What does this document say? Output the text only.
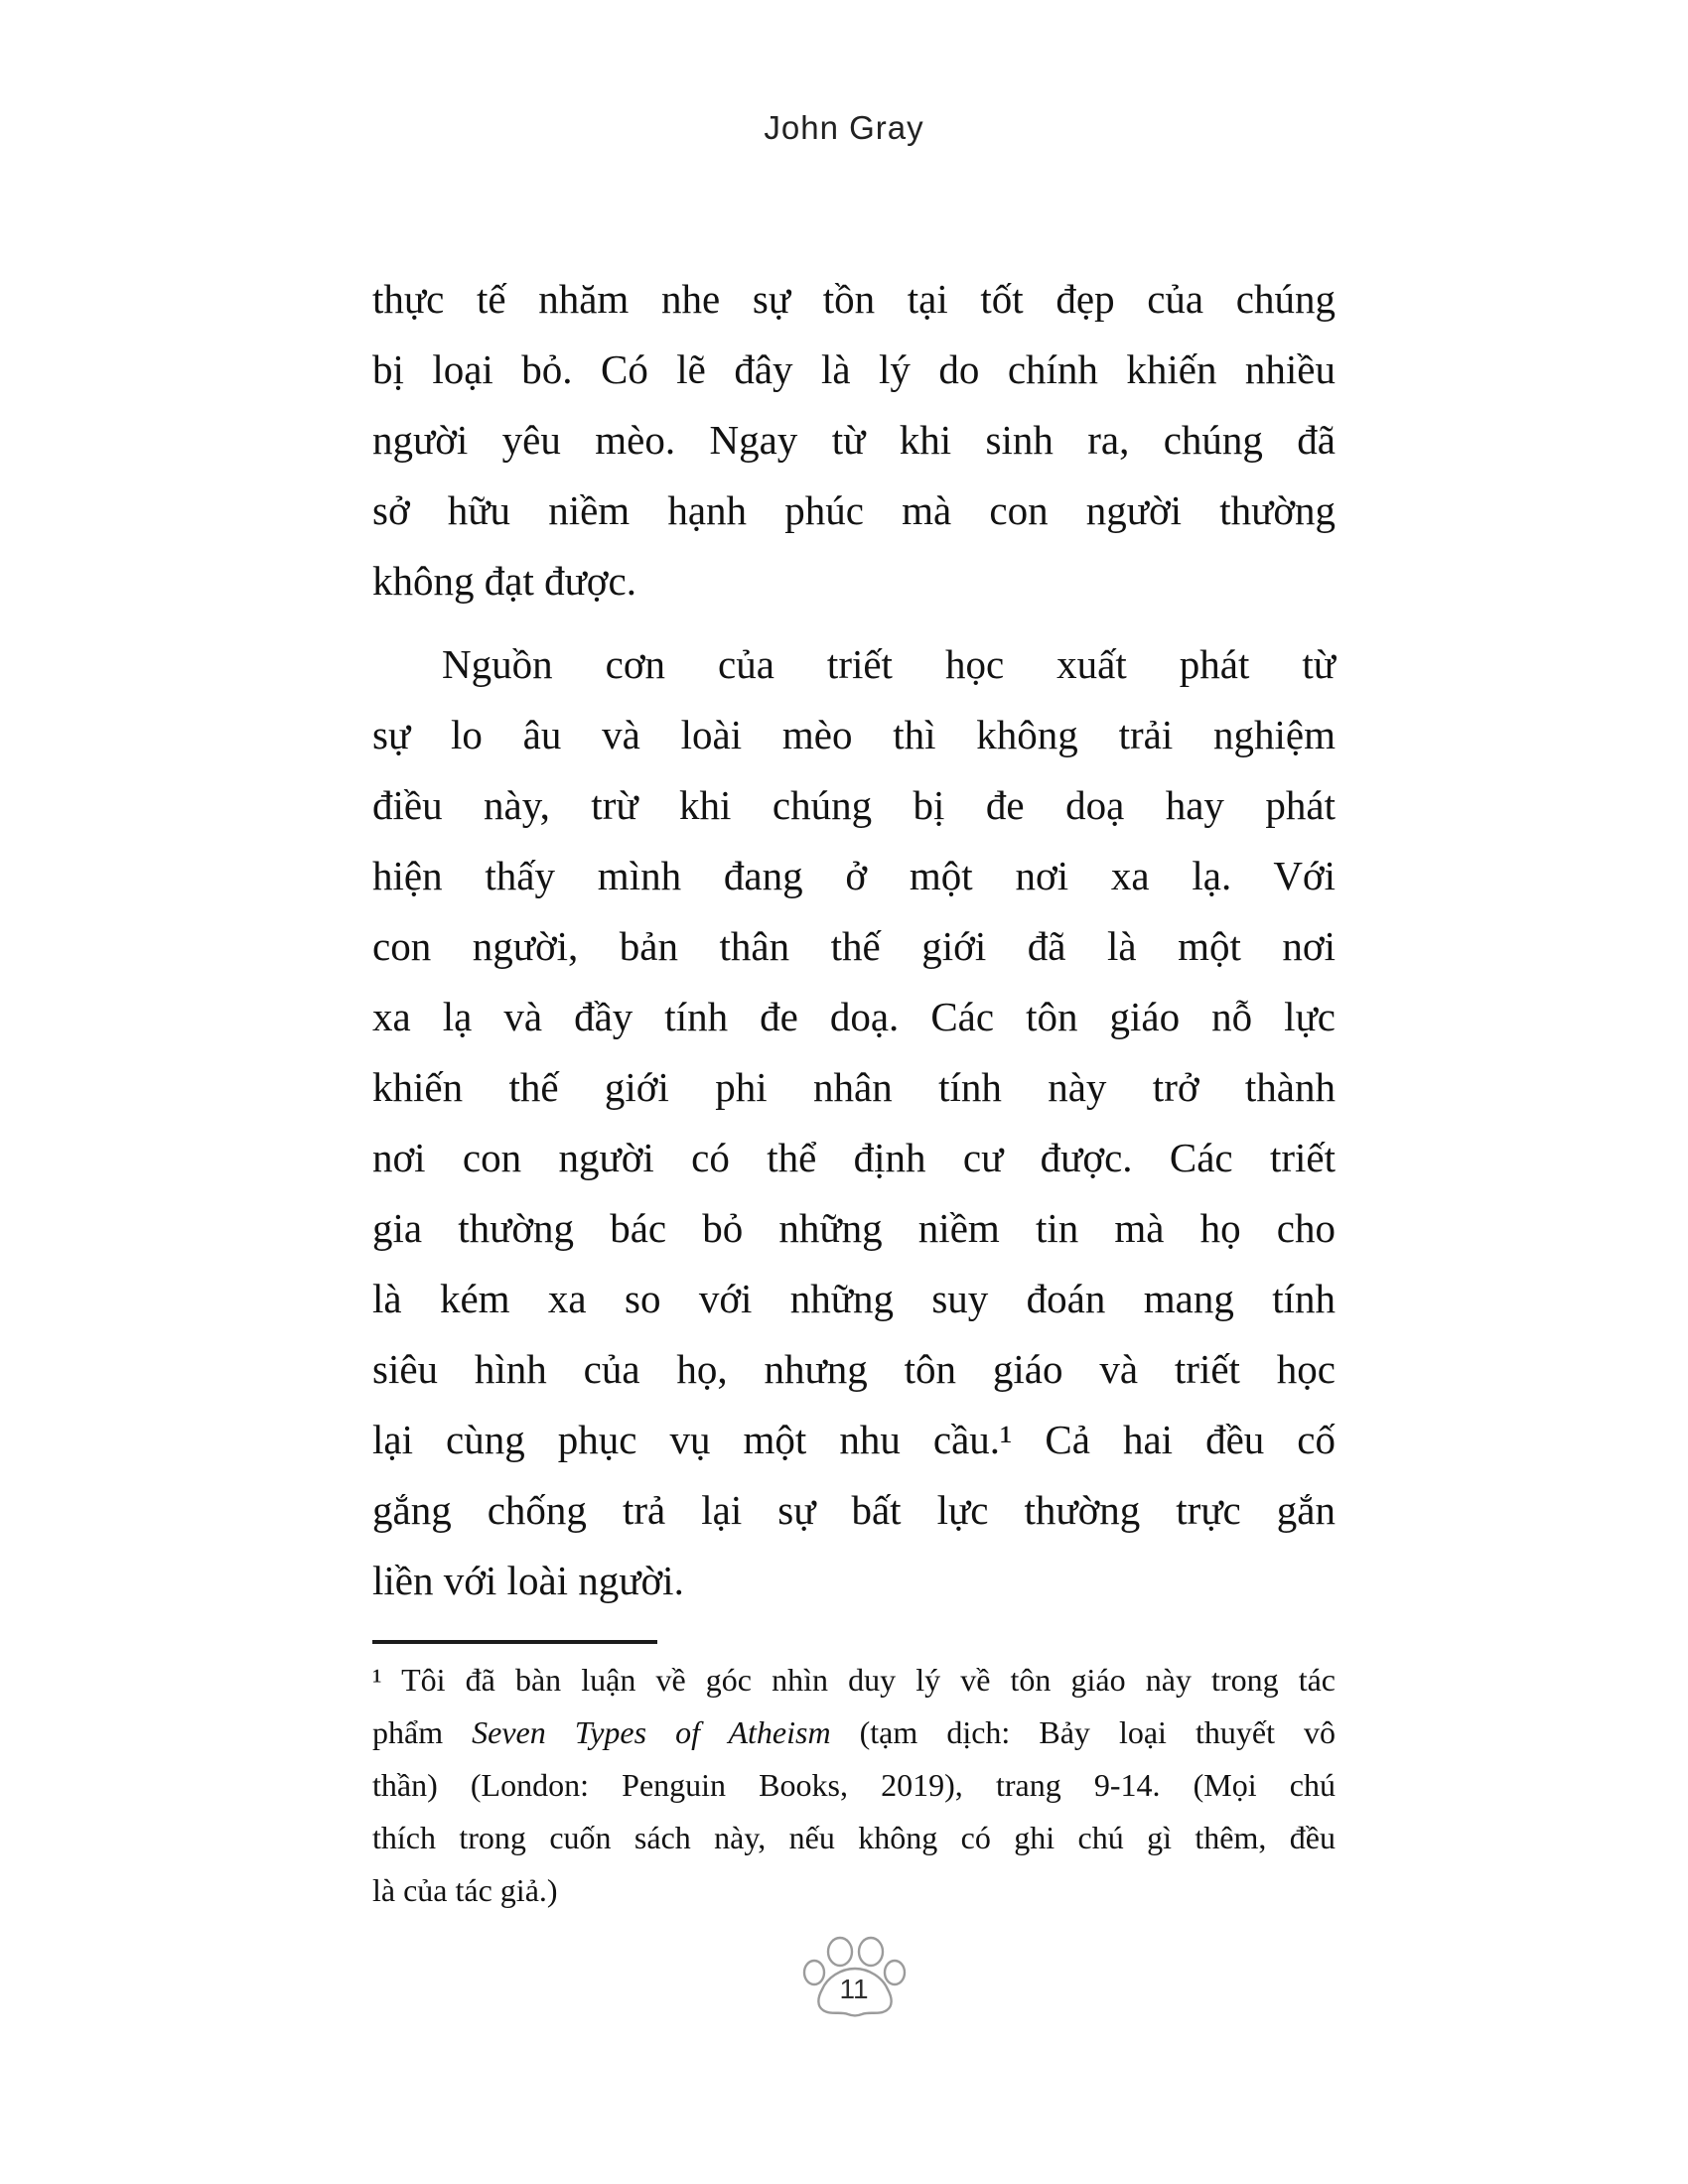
John Gray
thực tế nhăm nhe sự tồn tại tốt đẹp của chúng
bị loại bỏ. Có lẽ đây là lý do chính khiến nhiều
người yêu mèo. Ngay từ khi sinh ra, chúng đã
sở hữu niềm hạnh phúc mà con người thường
không đạt được.
Nguồn cơn của triết học xuất phát từ
sự lo âu và loài mèo thì không trải nghiệm
điều này, trừ khi chúng bị đe doạ hay phát
hiện thấy mình đang ở một nơi xa lạ. Với
con người, bản thân thế giới đã là một nơi
xa lạ và đầy tính đe doạ. Các tôn giáo nỗ lực
khiến thế giới phi nhân tính này trở thành
nơi con người có thể định cư được. Các triết
gia thường bác bỏ những niềm tin mà họ cho
là kém xa so với những suy đoán mang tính
siêu hình của họ, nhưng tôn giáo và triết học
lại cùng phục vụ một nhu cầu.¹ Cả hai đều cố
gắng chống trả lại sự bất lực thường trực gắn
liền với loài người.
¹ Tôi đã bàn luận về góc nhìn duy lý về tôn giáo này trong tác
phẩm Seven Types of Atheism (tạm dịch: Bảy loại thuyết vô
thần) (London: Penguin Books, 2019), trang 9-14. (Mọi chú
thích trong cuốn sách này, nếu không có ghi chú gì thêm, đều
là của tác giả.)
11
